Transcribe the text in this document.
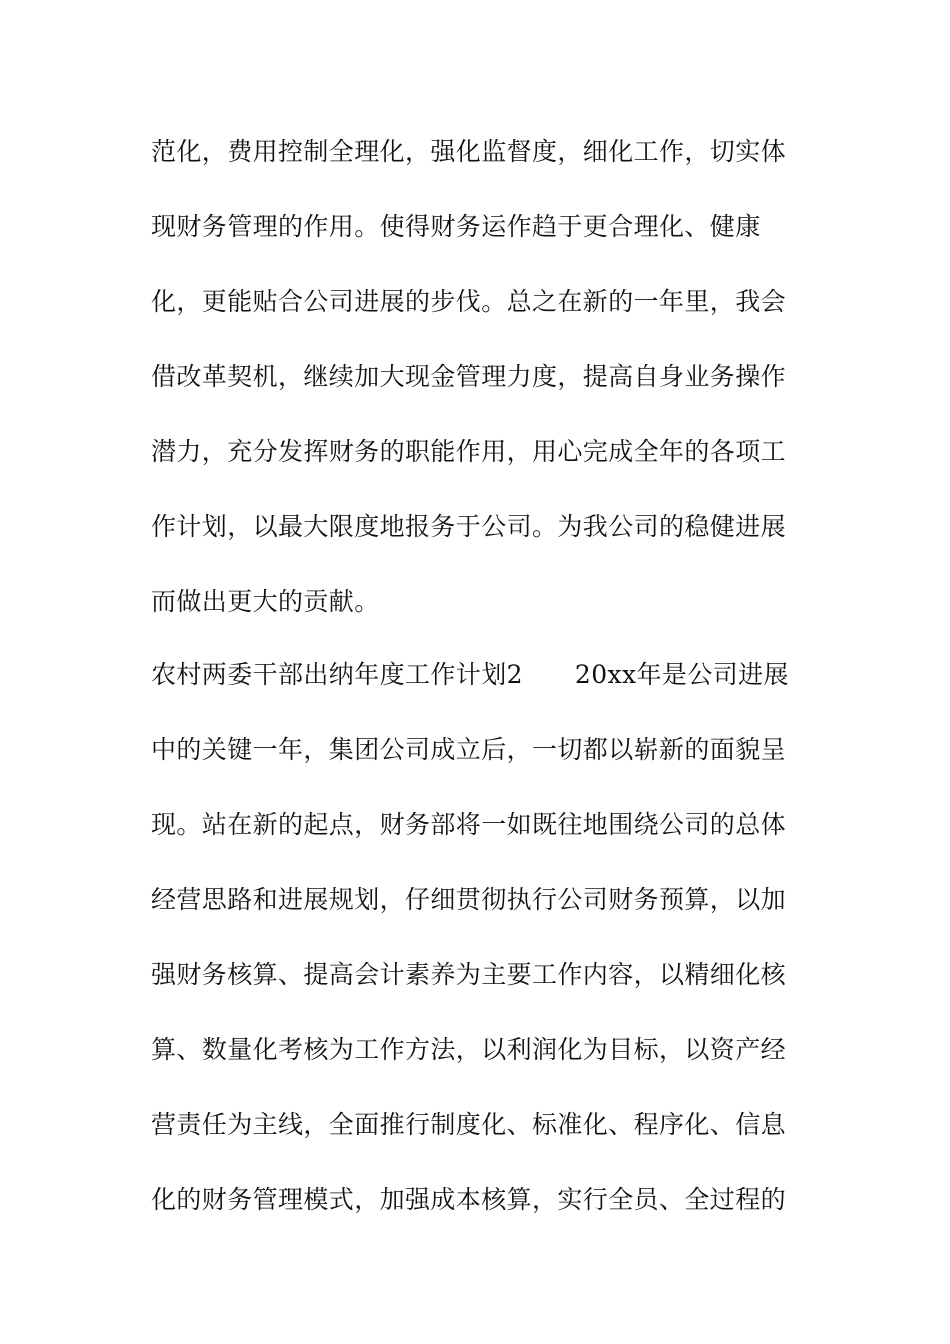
范化，费用控制全理化，强化监督度，细化工作，切实体
现财务管理的作用。使得财务运作趋于更合理化、健康
化，更能贴合公司进展的步伐。总之在新的一年里，我会
借改革契机，继续加大现金管理力度，提高自身业务操作
潜力，充分发挥财务的职能作用，用心完成全年的各项工
作计划，以最大限度地报务于公司。为我公司的稳健进展
而做出更大的贡献。
农村两委干部出纳年度工作计划2 20xx年是公司进展
中的关键一年，集团公司成立后，一切都以崭新的面貌呈
现。站在新的起点，财务部将一如既往地围绕公司的总体
经营思路和进展规划，仔细贯彻执行公司财务预算，以加
强财务核算、提高会计素养为主要工作内容，以精细化核
算、数量化考核为工作方法，以利润化为目标，以资产经
营责任为主线，全面推行制度化、标准化、程序化、信息
化的财务管理模式，加强成本核算，实行全员、全过程的
